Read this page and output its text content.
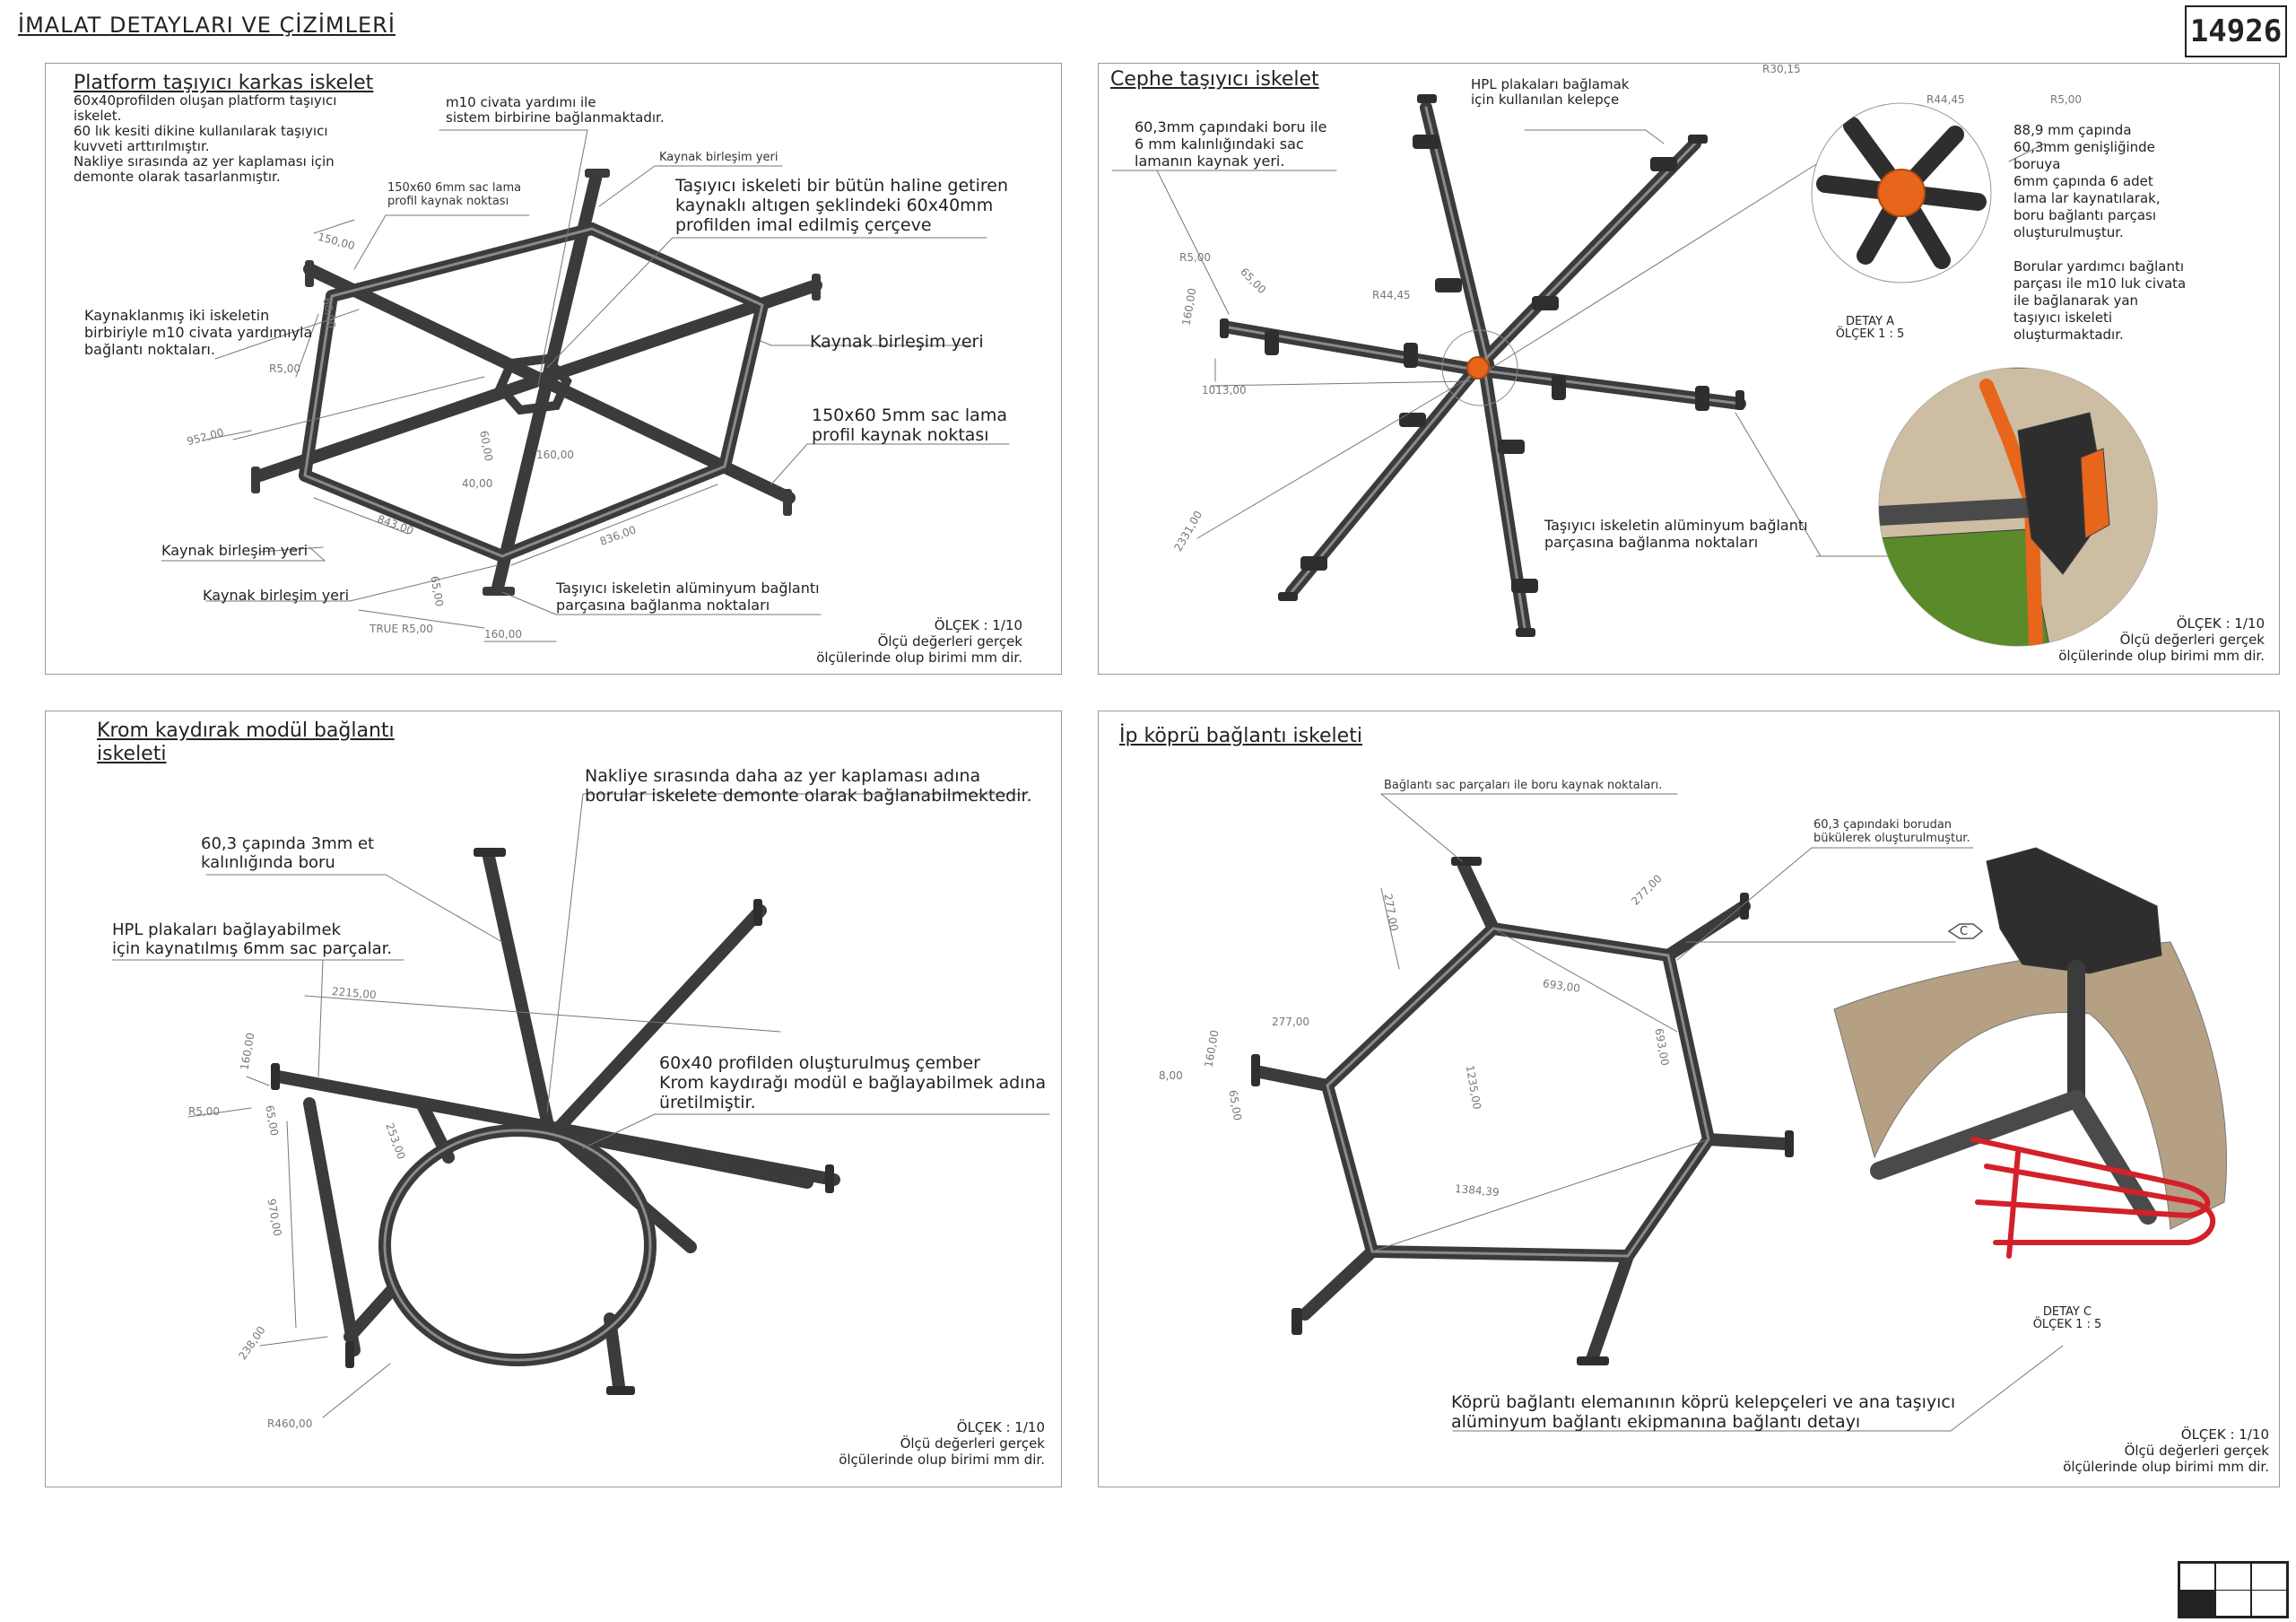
İMALAT DETAYLARI VE ÇİZİMLERİ	14926
Platform taşıyıcı karkas iskelet
60x40profilden oluşan platform taşıyıcı
iskelet.
60 lık kesiti dikine kullanılarak taşıyıcı
kuvveti arttırılmıştır.
Nakliye sırasında az yer kaplaması için
demonte olarak tasarlanmıştır.
m10 civata yardımı ile
sistem birbirine bağlanmaktadır.
Kaynak birleşim yeri
150x60 6mm sac lama
profil kaynak noktası
Taşıyıcı iskeleti bir bütün haline getiren
kaynaklı altıgen şeklindeki 60x40mm
profilden imal edilmiş çerçeve
Kaynaklanmış iki iskeletin
birbiriyle m10 civata yardımıyla
bağlantı noktaları.	Kaynak birleşim yeri
150x60 5mm sac lama
profil kaynak noktası
Kaynak birleşim yeri
Kaynak birleşim yeri	Taşıyıcı iskeletin alüminyum bağlantı
parçasına bağlanma noktaları
150,00
60,00
R5,00
952,00	60,00	160,00
40,00
843,00	836,00
65,00
TRUE R5,00	160,00
ÖLÇEK : 1/10
Ölçü değerleri gerçek
ölçülerinde olup birimi mm dir.
Cephe taşıyıcı iskelet
60,3mm çapındaki boru ile
6 mm kalınlığındaki sac
lamanın kaynak yeri.
HPL plakaları bağlamak
için kullanılan kelepçe
88,9 mm çapında
60,3mm genişliğinde
boruya
6mm çapında 6 adet
lama lar kaynatılarak,
boru bağlantı parçası
oluşturulmuştur.
Borular yardımcı bağlantı
parçası ile m10 luk civata
ile bağlanarak yan
taşıyıcı iskeleti
oluşturmaktadır.
DETAY A
ÖLÇEK 1 : 5
Taşıyıcı iskeletin alüminyum bağlantı
parçasına bağlanma noktaları
R30,15
R44,45	R5,00
R5,00
65,00
160,00	R44,45
1013,00
2331,00
ÖLÇEK : 1/10
Ölçü değerleri gerçek
ölçülerinde olup birimi mm dir.
Krom kaydırak modül bağlantı
iskeleti
Nakliye sırasında daha az yer kaplaması adına
borular iskelete demonte olarak bağlanabilmektedir.
60,3 çapında 3mm et
kalınlığında boru
HPL plakaları bağlayabilmek
için kaynatılmış 6mm sac parçalar.
60x40 profilden oluşturulmuş çember
Krom kaydırağı modül e bağlayabilmek adına
üretilmiştir.
2215,00
160,00
R5,00	65,00
253,00
970,00
238,00
R460,00	ÖLÇEK : 1/10
Ölçü değerleri gerçek
ölçülerinde olup birimi mm dir.
İp köprü bağlantı iskeleti
Bağlantı sac parçaları ile boru kaynak noktaları.
60,3 çapındaki borudan
bükülerek oluşturulmuştur.
C
DETAY C
ÖLÇEK 1 : 5
Köprü bağlantı elemanının köprü kelepçeleri ve ana taşıyıcı
alüminyum bağlantı ekipmanına bağlantı detayı
277,00
277,00
693,00
693,00
277,00
160,00
8,00
65,00	1235,00
1384,39
ÖLÇEK : 1/10
Ölçü değerleri gerçek
ölçülerinde olup birimi mm dir.
